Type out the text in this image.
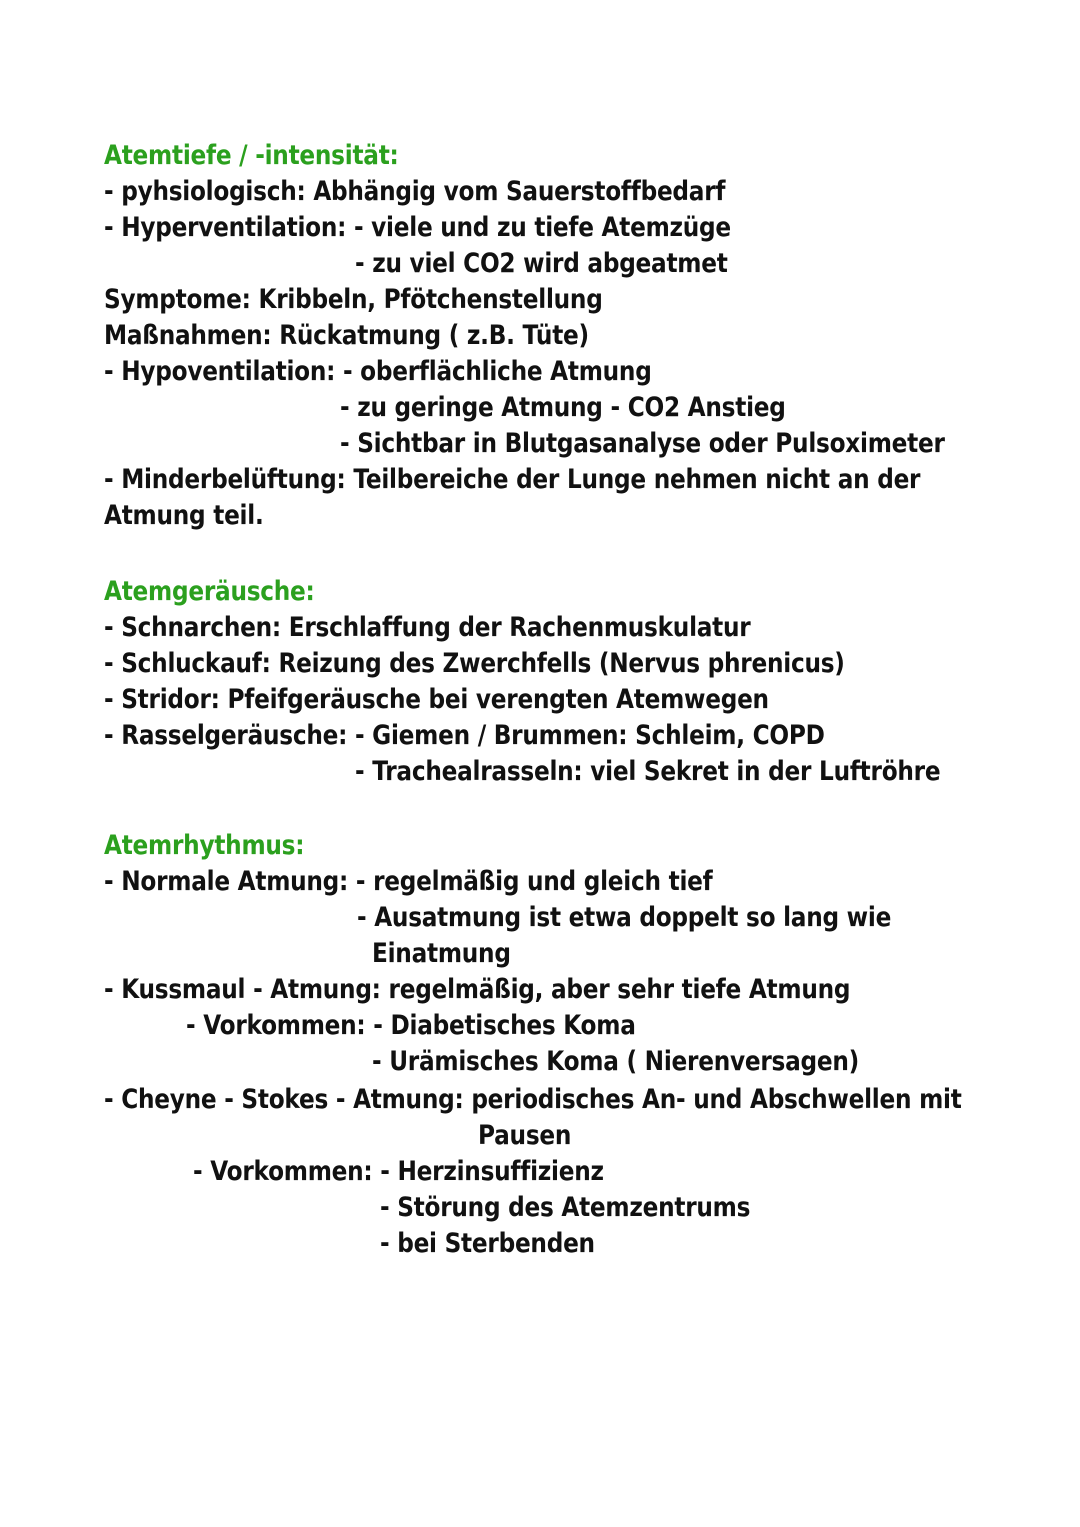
Atemtiefe / -intensität:
- pyhsiologisch: Abhängig vom Sauerstoffbedarf
- Hyperventilation: - viele und zu tiefe Atemzüge
- zu viel CO2 wird abgeatmet
Symptome: Kribbeln, Pfötchenstellung
Maßnahmen: Rückatmung ( z.B. Tüte)
- Hypoventilation: - oberflächliche Atmung
- zu geringe Atmung - CO2 Anstieg
- Sichtbar in Blutgasanalyse oder Pulsoximeter
- Minderbelüftung: Teilbereiche der Lunge nehmen nicht an der
Atmung teil.
Atemgeräusche:
- Schnarchen: Erschlaffung der Rachenmuskulatur
- Schluckauf: Reizung des Zwerchfells (Nervus phrenicus)
- Stridor: Pfeifgeräusche bei verengten Atemwegen
- Rasselgeräusche: - Giemen / Brummen: Schleim, COPD
- Trachealrasseln: viel Sekret in der Luftröhre
Atemrhythmus:
- Normale Atmung: - regelmäßig und gleich tief
- Ausatmung ist etwa doppelt so lang wie
Einatmung
- Kussmaul - Atmung: regelmäßig, aber sehr tiefe Atmung
- Vorkommen: - Diabetisches Koma
- Urämisches Koma ( Nierenversagen)
- Cheyne - Stokes - Atmung: periodisches An- und Abschwellen mit
Pausen
- Vorkommen: - Herzinsuffizienz
- Störung des Atemzentrums
- bei Sterbenden
